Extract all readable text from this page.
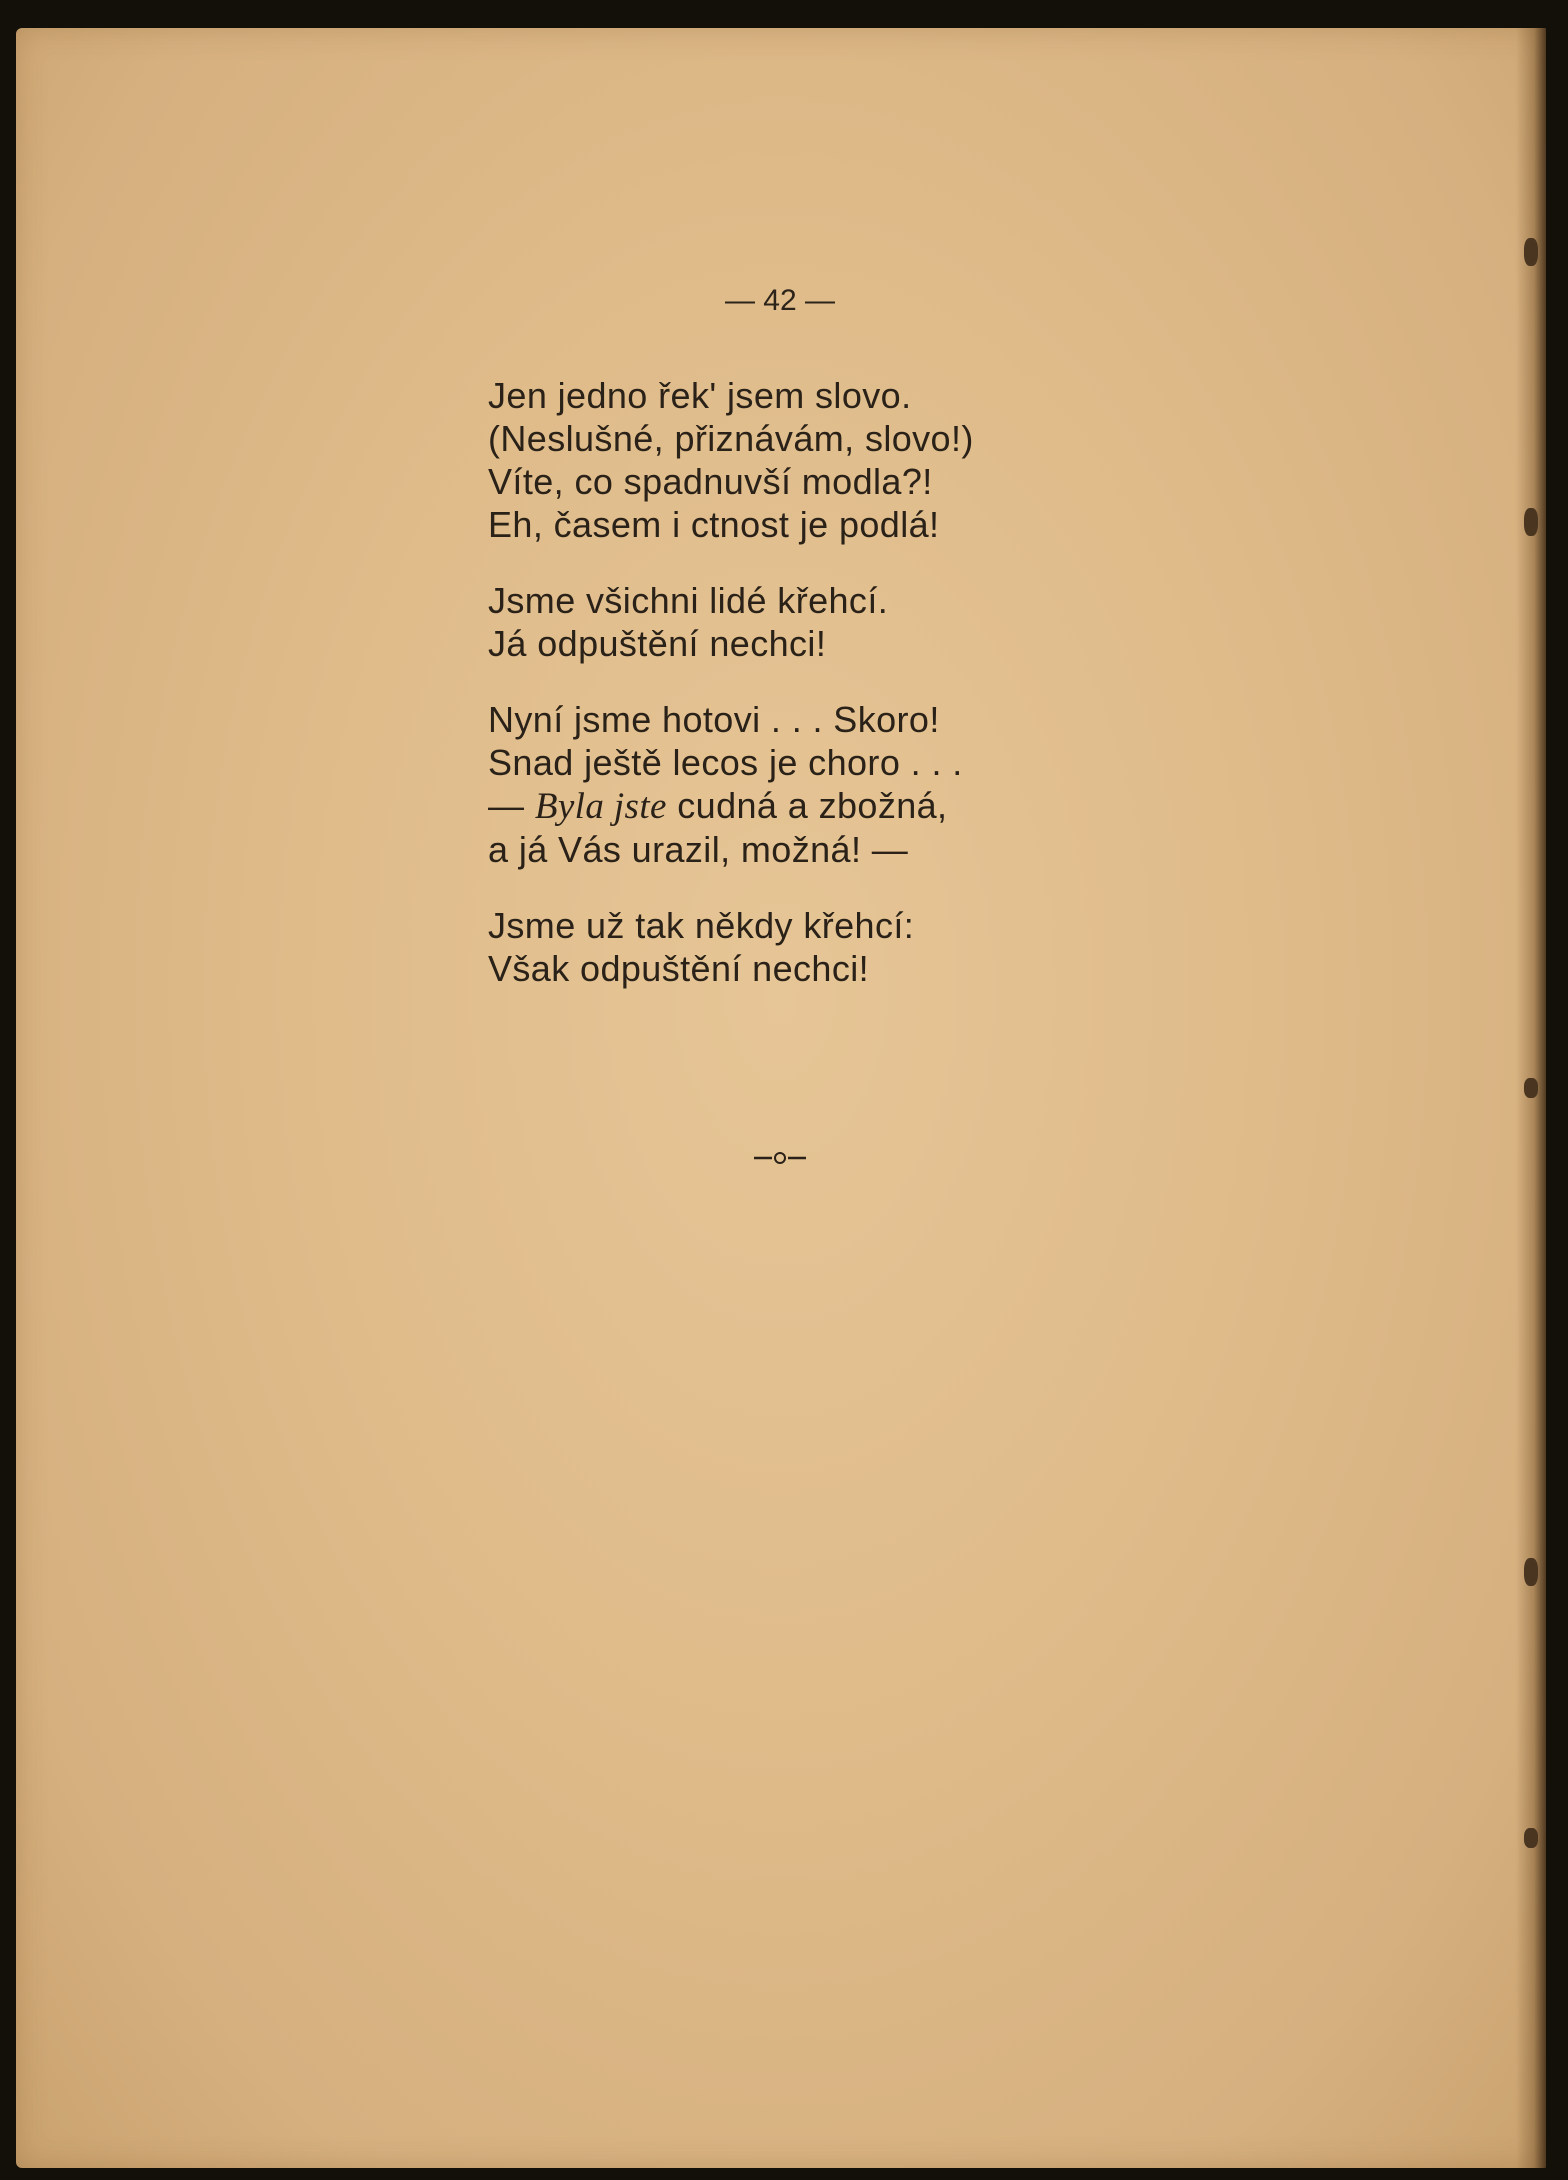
— 42 —
Jen jedno řek' jsem slovo.
(Neslušné, přiznávám, slovo!)
Víte, co spadnuvší modla?!
Eh, časem i ctnost je podlá!
Jsme všichni lidé křehcí.
Já odpuštění nechci!
Nyní jsme hotovi . . . Skoro!
Snad ještě lecos je choro . . .
— Byla jste cudná a zbožná,
a já Vás urazil, možná! —
Jsme už tak někdy křehcí:
Však odpuštění nechci!
